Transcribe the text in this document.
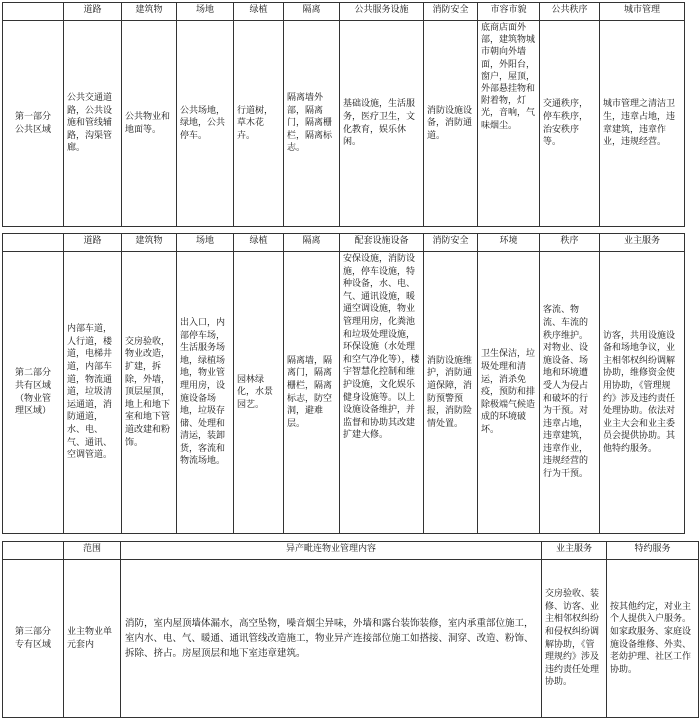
	道路	建筑物	场地	绿植	隔离	公共服务设施	消防安全	市容市貌	公共秩序	城市管理
第一部分
公共区域	公共交通道路，公共设施和管线辅路，沟渠管廊。	公共物业和地面等。	公共场地，绿地，公共停车。	行道树，草木花卉。	隔离墙外部，隔离门，隔离栅栏，隔离标志。	基础设施，生活服务，医疗卫生，文化教育，娱乐休闲。	消防设施设备，消防通道。	底商店面外部，建筑物城市朝向外墙面，外阳台，窗户，屋顶，外部悬挂物和附着物，灯光，音响，气味烟尘。	交通秩序，停车秩序，治安秩序等。	城市管理之清洁卫生，违章占地，违章建筑，违章作业，违规经营。
	道路	建筑物	场地	绿植	隔离	配套设施设备	消防安全	环境	秩序	业主服务
第二部分
共有区域
（物业管
理区域）	内部车道，人行道，楼道，电梯井道，内部车道，物流通道，垃圾清运通道，消防通道，水、电、气、通讯、空调管道。	交房验收，物业改造，扩建，拆除，外墙，顶层屋顶，地上和地下室和地下管道改建和粉饰。	出入口，内部停车场，生活服务场地，绿植场地，物业管理用房，设施设备场地，垃圾存储、处理和清运，装卸货，客流和物流场地。	园林绿化，水景园艺。	隔离墙，隔离门，隔离栅栏，隔离标志，防空洞，避难层。	安保设施，消防设施，停车设施，特种设备，水、电、气、通讯设施，暖通空调设施，物业管理用房，化粪池和垃圾处理设施，环保设施（水处理和空气净化等），楼宇智慧化控制和维护设施，文化娱乐健身设施等。以上设施设备维护，并监督和协助其改建扩建大修。	消防设施维护，消防通道保障，消防预警预报，消防险情处置。	卫生保洁，垃圾处理和清运，消杀免疫，预防和排除极端气候造成的环境破坏。	客流、物流、车流的秩序维护。对物业、设施设备、场地和环境遭受人为侵占和破坏的行为干预。对违章占地，违章建筑，违章作业，违规经营的行为干预。	访客，共用设施设备和场地争议，业主相邻权纠纷调解协助，维修资金使用协助，《管理规约》涉及违约责任处理协助。依法对业主大会和业主委员会提供协助。其他特约服务。
	范围	异产毗连物业管理内容	业主服务	特约服务
第三部分
专有区域	业主物业单元套内	消防，室内屋顶墙体漏水，高空坠物，噪音烟尘异味，外墙和露台装饰装修，室内承重部位施工，室内水、电、气、暖通、通讯管线改造施工，物业异产连接部位施工如搭接、洞穿、改造、粉饰、拆除、挤占。房屋顶层和地下室违章建筑。	交房验收、装修、访客、业主相邻权纠纷和侵权纠纷调解协助，《管理规约》涉及违约责任处理协助。	按其他约定，对业主个人提供入户服务。如家政服务、家庭设施设备维修、外卖、老幼护理、社区工作协助。
